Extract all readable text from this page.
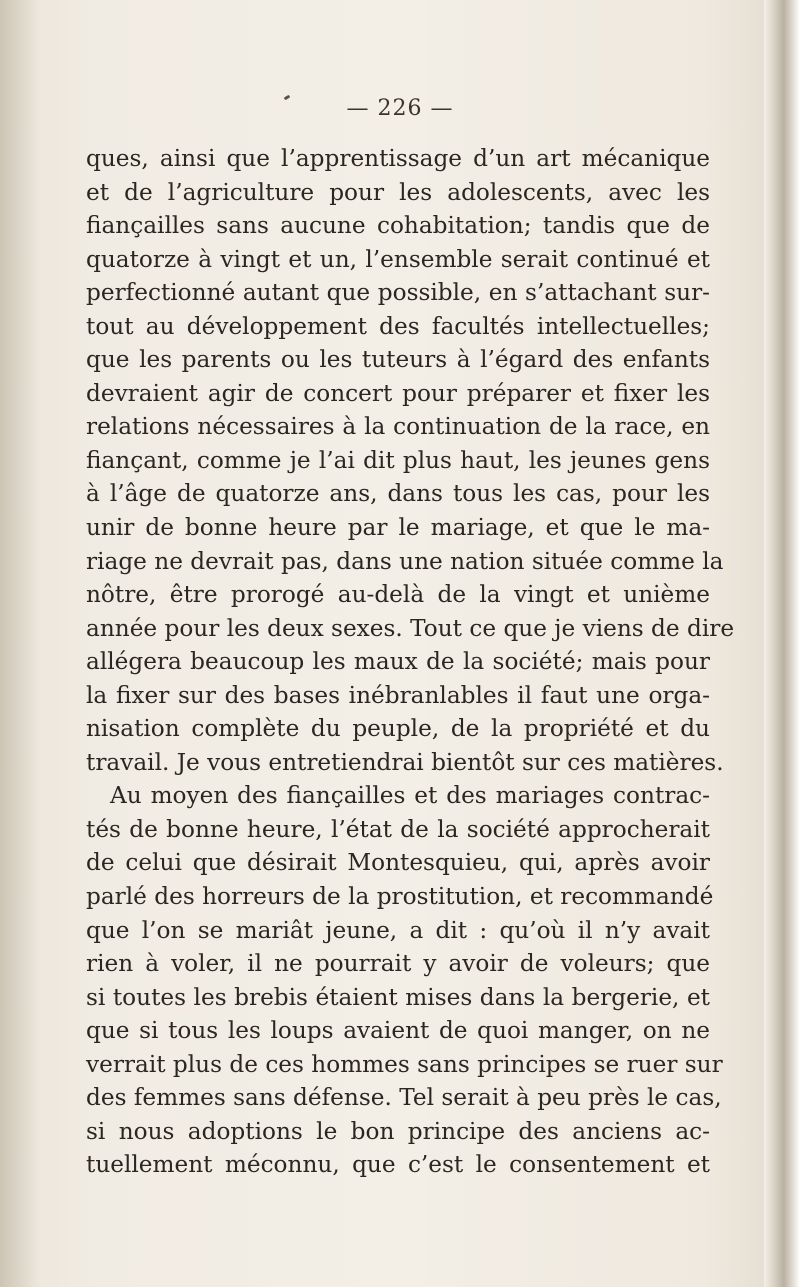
— 226 —
ques, ainsi que l’apprentissage d’un art mécanique
et de l’agriculture pour les adolescents, avec les
fiançailles sans aucune cohabitation; tandis que de
quatorze à vingt et un, l’ensemble serait continué et
perfectionné autant que possible, en s’attachant sur-
tout au développement des facultés intellectuelles;
que les parents ou les tuteurs à l’égard des enfants
devraient agir de concert pour préparer et fixer les
relations nécessaires à la continuation de la race, en
fiançant, comme je l’ai dit plus haut, les jeunes gens
à l’âge de quatorze ans, dans tous les cas, pour les
unir de bonne heure par le mariage, et que le ma-
riage ne devrait pas, dans une nation située comme la
nôtre, être prorogé au-delà de la vingt et unième
année pour les deux sexes. Tout ce que je viens de dire
allégera beaucoup les maux de la société; mais pour
la fixer sur des bases inébranlables il faut une orga-
nisation complète du peuple, de la propriété et du
travail. Je vous entretiendrai bientôt sur ces matières.
Au moyen des fiançailles et des mariages contrac-
tés de bonne heure, l’état de la société approcherait
de celui que désirait Montesquieu, qui, après avoir
parlé des horreurs de la prostitution, et recommandé
que l’on se mariât jeune, a dit : qu’où il n’y avait
rien à voler, il ne pourrait y avoir de voleurs; que
si toutes les brebis étaient mises dans la bergerie, et
que si tous les loups avaient de quoi manger, on ne
verrait plus de ces hommes sans principes se ruer sur
des femmes sans défense. Tel serait à peu près le cas,
si nous adoptions le bon principe des anciens ac-
tuellement méconnu, que c’est le consentement et
